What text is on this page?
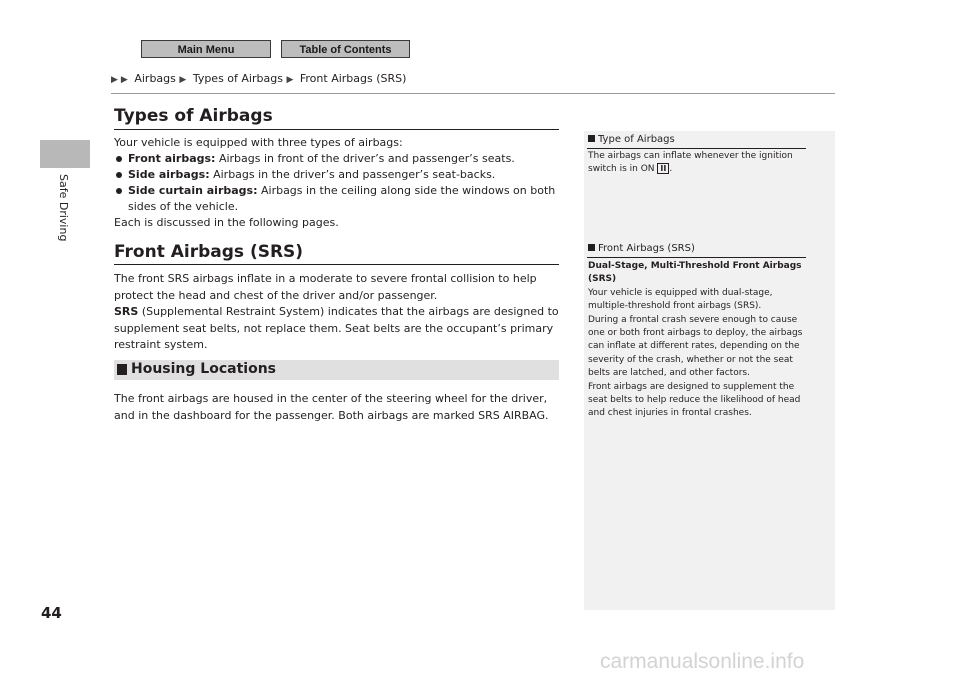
Main Menu	Table of Contents
Safe Driving
44
▶ ▶ Airbags ▶ Types of Airbags ▶ Front Airbags (SRS)
Types of Airbags

Your vehicle is equipped with three types of airbags:

Front airbags: Airbags in front of the driver’s and passenger’s seats.
Side airbags: Airbags in the driver’s and passenger’s seat-backs.
Side curtain airbags: Airbags in the ceiling along side the windows on both sides of the vehicle.

Each is discussed in the following pages.

Front Airbags (SRS)

The front SRS airbags inflate in a moderate to severe frontal collision to help protect the head and chest of the driver and/or passenger.

SRS (Supplemental Restraint System) indicates that the airbags are designed to supplement seat belts, not replace them. Seat belts are the occupant’s primary restraint system.

Housing Locations
The front airbags are housed in the center of the steering wheel for the driver, and in the dashboard for the passenger. Both airbags are marked SRS AIRBAG.
Type of Airbags

The airbags can inflate whenever the ignition switch is in ON II .

Front Airbags (SRS)

Dual-Stage, Multi-Threshold Front Airbags (SRS)

Your vehicle is equipped with dual-stage, multiple-threshold front airbags (SRS).

During a frontal crash severe enough to cause one or both front airbags to deploy, the airbags can inflate at different rates, depending on the severity of the crash, whether or not the seat belts are latched, and other factors.

Front airbags are designed to supplement the seat belts to help reduce the likelihood of head and chest injuries in frontal crashes.

carmanualsonline.info
